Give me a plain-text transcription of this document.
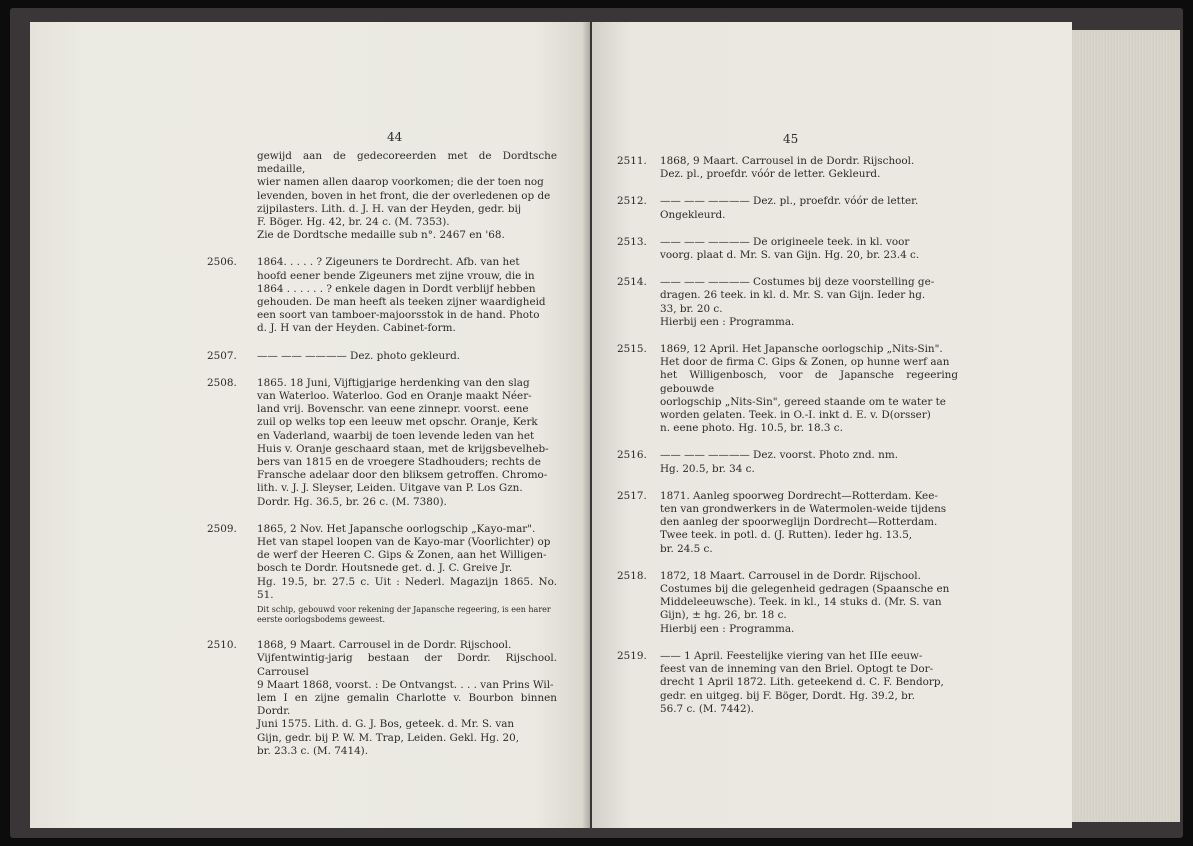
44
gewijd aan de gedecoreerden met de Dordtsche medaille,
wier namen allen daarop voorkomen; die der toen nog
levenden, boven in het front, die der overledenen op de
zijpilasters. Lith. d. J. H. van der Heyden, gedr. bij
F. Böger. Hg. 42, br. 24 c. (M. 7353).
Zie de Dordtsche medaille sub n°. 2467 en '68.
2506. 1864. . . . . ? Zigeuners te Dordrecht. Afb. van het
hoofd eener bende Zigeuners met zijne vrouw, die in
1864 . . . . . . ? enkele dagen in Dordt verblijf hebben
gehouden. De man heeft als teeken zijner waardigheid
een soort van tamboer-majoorsstok in de hand. Photo
d. J. H van der Heyden. Cabinet-form.
2507. —— —— ———— Dez. photo gekleurd.
2508. 1865. 18 Juni, Vijftigjarige herdenking van den slag
van Waterloo. Waterloo. God en Oranje maakt Néer-
land vrij. Bovenschr. van eene zinnepr. voorst. eene
zuil op welks top een leeuw met opschr. Oranje, Kerk
en Vaderland, waarbij de toen levende leden van het
Huis v. Oranje geschaard staan, met de krijgsbevelheb-
bers van 1815 en de vroegere Stadhouders; rechts de
Fransche adelaar door den bliksem getroffen. Chromo-
lith. v. J. J. Sleyser, Leiden. Uitgave van P. Los Gzn.
Dordr. Hg. 36.5, br. 26 c. (M. 7380).
2509. 1865, 2 Nov. Het Japansche oorlogschip „Kayo-mar".
Het van stapel loopen van de Kayo-mar (Voorlichter) op
de werf der Heeren C. Gips & Zonen, aan het Willigen-
bosch te Dordr. Houtsnede get. d. J. C. Greive Jr.
Hg. 19.5, br. 27.5 c. Uit : Nederl. Magazijn 1865. No. 51.
Dit schip, gebouwd voor rekening der Japansche regeering, is een harer
eerste oorlogsbodems geweest.
2510. 1868, 9 Maart. Carrousel in de Dordr. Rijschool.
Vijfentwintig-jarig bestaan der Dordr. Rijschool. Carrousel
9 Maart 1868, voorst. : De Ontvangst. . . . van Prins Wil-
lem I en zijne gemalin Charlotte v. Bourbon binnen Dordr.
Juni 1575. Lith. d. G. J. Bos, geteek. d. Mr. S. van
Gijn, gedr. bij P. W. M. Trap, Leiden. Gekl. Hg. 20,
br. 23.3 c. (M. 7414).
45
2511. 1868, 9 Maart. Carrousel in de Dordr. Rijschool.
Dez. pl., proefdr. vóór de letter. Gekleurd.
2512. —— —— ———— Dez. pl., proefdr. vóór de letter.
Ongekleurd.
2513. —— —— ———— De origineele teek. in kl. voor
voorg. plaat d. Mr. S. van Gijn. Hg. 20, br. 23.4 c.
2514. —— —— ———— Costumes bij deze voorstelling ge-
dragen. 26 teek. in kl. d. Mr. S. van Gijn. Ieder hg.
33, br. 20 c.
Hierbij een : Programma.
2515. 1869, 12 April. Het Japansche oorlogschip „Nits-Sin".
Het door de firma C. Gips & Zonen, op hunne werf aan
het Willigenbosch, voor de Japansche regeering gebouwde
oorlogschip „Nits-Sin", gereed staande om te water te
worden gelaten. Teek. in O.-I. inkt d. E. v. D(orsser)
n. eene photo. Hg. 10.5, br. 18.3 c.
2516. —— —— ———— Dez. voorst. Photo znd. nm.
Hg. 20.5, br. 34 c.
2517. 1871. Aanleg spoorweg Dordrecht—Rotterdam. Kee-
ten van grondwerkers in de Watermolen-weide tijdens
den aanleg der spoorweglijn Dordrecht—Rotterdam.
Twee teek. in potl. d. (J. Rutten). Ieder hg. 13.5,
br. 24.5 c.
2518. 1872, 18 Maart. Carrousel in de Dordr. Rijschool.
Costumes bij die gelegenheid gedragen (Spaansche en
Middeleeuwsche). Teek. in kl., 14 stuks d. (Mr. S. van
Gijn), ± hg. 26, br. 18 c.
Hierbij een : Programma.
2519. —— 1 April. Feestelijke viering van het IIIe eeuw-
feest van de inneming van den Briel. Optogt te Dor-
drecht 1 April 1872. Lith. geteekend d. C. F. Bendorp,
gedr. en uitgeg. bij F. Böger, Dordt. Hg. 39.2, br.
56.7 c. (M. 7442).
